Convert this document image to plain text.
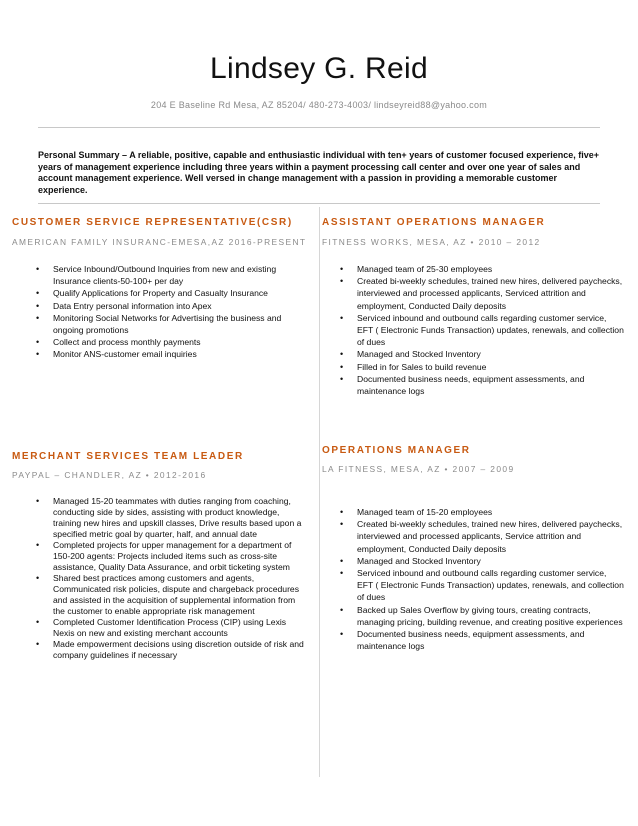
Lindsey G. Reid
204 E Baseline Rd Mesa, AZ 85204/ 480-273-4003/ lindseyreid88@yahoo.com
Personal Summary – A reliable, positive, capable and enthusiastic individual with ten+ years of customer focused experience, five+ years of management experience including three years within a payment processing call center and over one year of sales and account management experience. Well versed in change management with a passion in providing a memorable customer experience.
CUSTOMER SERVICE REPRESENTATIVE(CSR)
AMERICAN FAMILY INSURANC-EMESA,AZ 2016-PRESENT
• Service Inbound/Outbound Inquiries from new and existing Insurance clients-50-100+ per day
• Qualify Applications for Property and Casualty Insurance
• Data Entry personal information into Apex
• Monitoring Social Networks for Advertising the business and ongoing promotions
• Collect and process monthly payments
• Monitor ANS-customer email inquiries
ASSISTANT OPERATIONS MANAGER
FITNESS WORKS, MESA, AZ • 2010 – 2012
• Managed team of 25-30 employees
• Created bi-weekly schedules, trained new hires, delivered paychecks, interviewed and processed applicants, Serviced attrition and employment, Conducted Daily deposits
• Serviced inbound and outbound calls regarding customer service, EFT ( Electronic Funds Transaction) updates, renewals, and collection of dues
• Managed and Stocked Inventory
• Filled in for Sales to build revenue
• Documented business needs, equipment assessments, and maintenance logs
MERCHANT SERVICES TEAM LEADER
PAYPAL – CHANDLER, AZ • 2012-2016
• Managed 15-20 teammates with duties ranging from coaching, conducting side by sides, assisting with product knowledge, training new hires and upskill classes, Drive results based upon a specified metric goal by quarter, half, and annual date
• Completed projects for upper management for a department of 150-200 agents: Projects included items such as cross-site assistance, Quality Data Assurance, and orbit ticketing system
• Shared best practices among customers and agents, Communicated risk policies, dispute and chargeback procedures and assisted in the acquisition of supplemental information from the customer to enable appropriate risk management
• Completed Customer Identification Process (CIP) using Lexis Nexis on new and existing merchant accounts
• Made empowerment decisions using discretion outside of risk and company guidelines if necessary
OPERATIONS MANAGER
LA FITNESS, MESA, AZ • 2007 – 2009
• Managed team of 15-20 employees
• Created bi-weekly schedules, trained new hires, delivered paychecks, interviewed and processed applicants, Service attrition and employment, Conducted Daily deposits
• Managed and Stocked Inventory
• Serviced inbound and outbound calls regarding customer service, EFT ( Electronic Funds Transaction) updates, renewals, and collection of dues
• Backed up Sales Overflow by giving tours, creating contracts, managing pricing, building revenue, and creating positive experiences
• Documented business needs, equipment assessments, and maintenance logs
